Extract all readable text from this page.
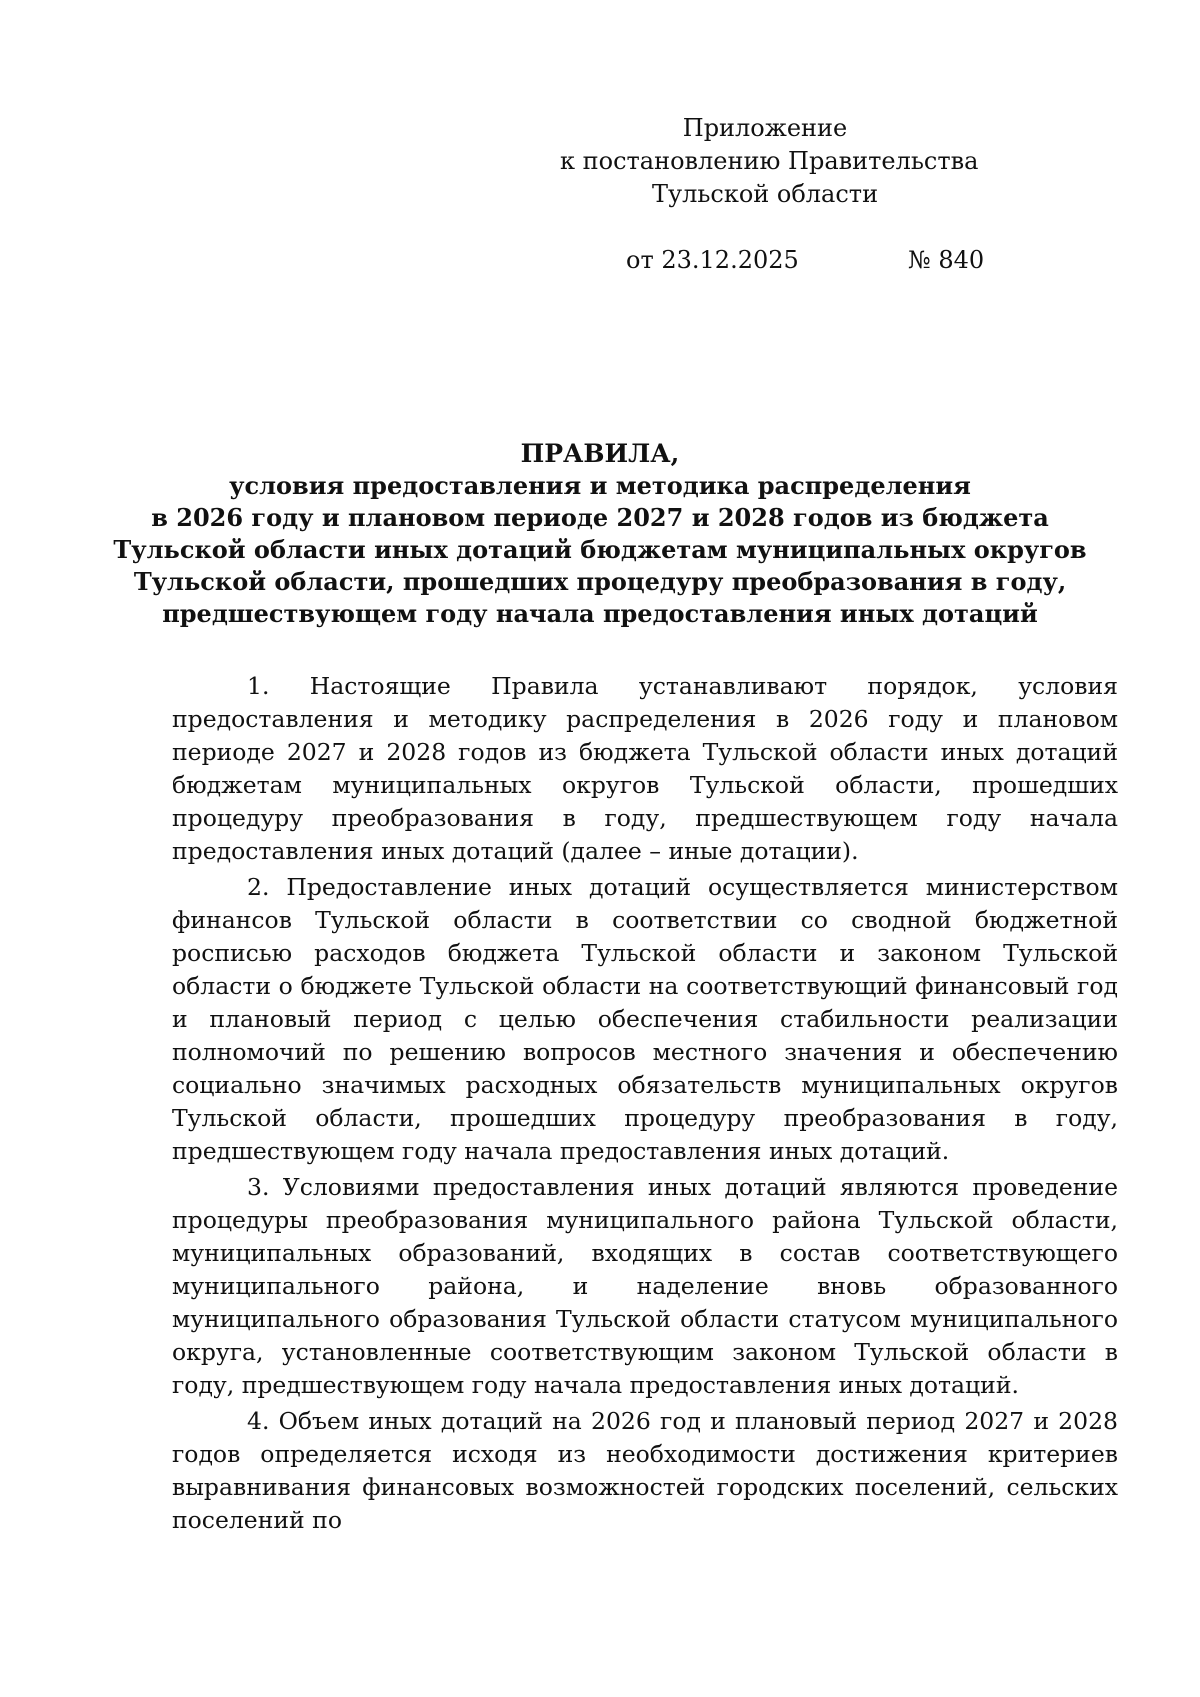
Приложение
к постановлению Правительства
Тульской области
от 23.12.2025	№ 840
ПРАВИЛА,
условия предоставления и методика распределения
в 2026 году и плановом периоде 2027 и 2028 годов из бюджета
Тульской области иных дотаций бюджетам муниципальных округов
Тульской области, прошедших процедуру преобразования в году,
предшествующем году начала предоставления иных дотаций

1. Настоящие Правила устанавливают порядок, условия предоставления и методику распределения в 2026 году и плановом периоде 2027 и 2028 годов из бюджета Тульской области иных дотаций бюджетам муниципальных округов Тульской области, прошедших процедуру преобразования в году, предшествующем году начала предоставления иных дотаций (далее – иные дотации).

2. Предоставление иных дотаций осуществляется министерством финансов Тульской области в соответствии со сводной бюджетной росписью расходов бюджета Тульской области и законом Тульской области о бюджете Тульской области на соответствующий финансовый год и плановый период с целью обеспечения стабильности реализации полномочий по решению вопросов местного значения и обеспечению социально значимых расходных обязательств муниципальных округов Тульской области, прошедших процедуру преобразования в году, предшествующем году начала предоставления иных дотаций.

3. Условиями предоставления иных дотаций являются проведение процедуры преобразования муниципального района Тульской области, муниципальных образований, входящих в состав соответствующего муниципального района, и наделение вновь образованного муниципального образования Тульской области статусом муниципального округа, установленные соответствующим законом Тульской области в году, предшествующем году начала предоставления иных дотаций.

4. Объем иных дотаций на 2026 год и плановый период 2027 и 2028 годов определяется исходя из необходимости достижения критериев выравнивания финансовых возможностей городских поселений, сельских поселений по
